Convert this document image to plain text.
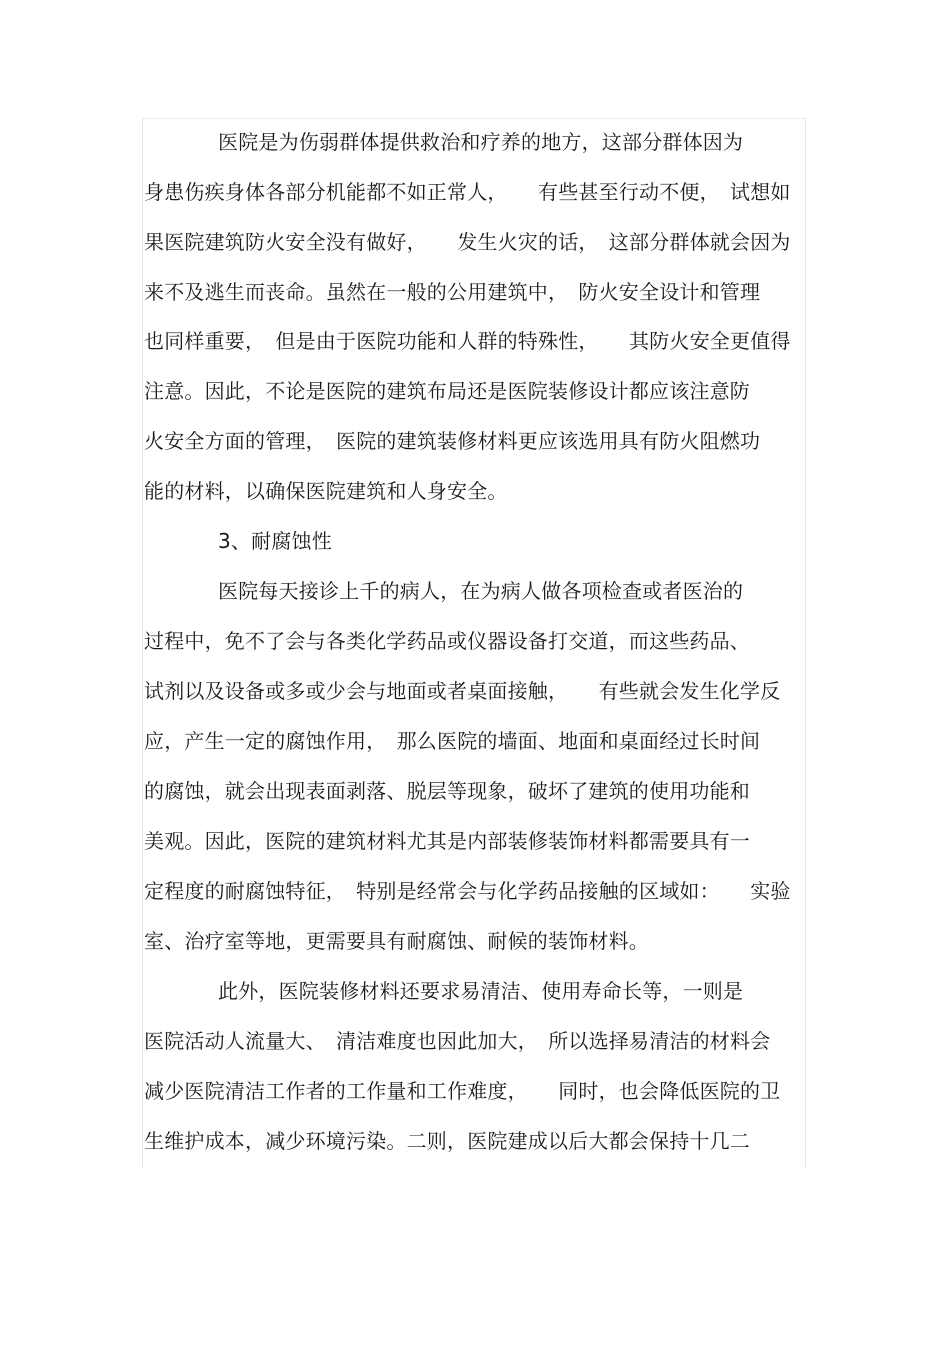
医院是为伤弱群体提供救治和疗养的地方，这部分群体因为
身患伤疾身体各部分机能都不如正常人，　　有些甚至行动不便，　试想如
果医院建筑防火安全没有做好，　　发生火灾的话，　这部分群体就会因为
来不及逃生而丧命。虽然在一般的公用建筑中，　防火安全设计和管理
也同样重要，　但是由于医院功能和人群的特殊性，　　其防火安全更值得
注意。因此，不论是医院的建筑布局还是医院装修设计都应该注意防
火安全方面的管理，　医院的建筑装修材料更应该选用具有防火阻燃功
能的材料，以确保医院建筑和人身安全。
3、耐腐蚀性
医院每天接诊上千的病人，在为病人做各项检查或者医治的
过程中，免不了会与各类化学药品或仪器设备打交道，而这些药品、
试剂以及设备或多或少会与地面或者桌面接触，　　有些就会发生化学反
应，产生一定的腐蚀作用，　那么医院的墙面、地面和桌面经过长时间
的腐蚀，就会出现表面剥落、脱层等现象，破坏了建筑的使用功能和
美观。因此，医院的建筑材料尤其是内部装修装饰材料都需要具有一
定程度的耐腐蚀特征，　特别是经常会与化学药品接触的区域如：　　实验
室、治疗室等地，更需要具有耐腐蚀、耐候的装饰材料。
此外，医院装修材料还要求易清洁、使用寿命长等，一则是
医院活动人流量大、　清洁难度也因此加大，　所以选择易清洁的材料会
减少医院清洁工作者的工作量和工作难度，　　同时，也会降低医院的卫
生维护成本，减少环境污染。二则，医院建成以后大都会保持十几二
